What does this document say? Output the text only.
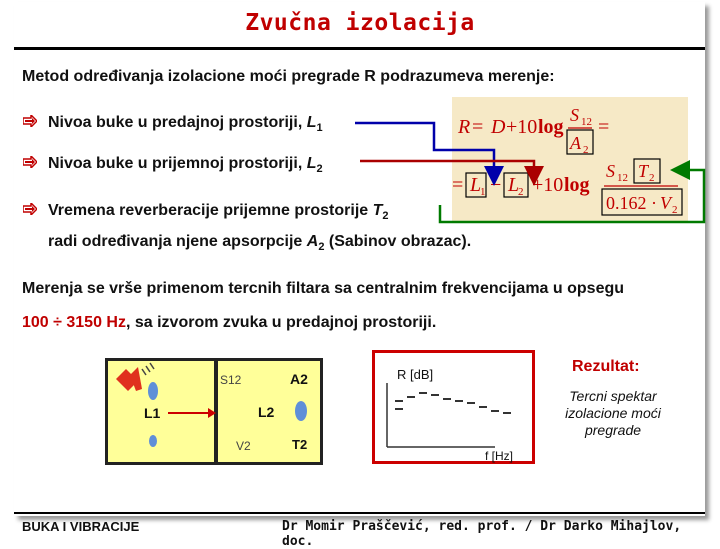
Zvučna izolacija
Metod određivanja izolacione moći pregrade R podrazumeva merenje:
Nivoa buke u predajnoj prostoriji, $L_1$
Nivoa buke u prijemnoj prostoriji, $L_2$
Vremena reverberacije prijemne prostorije $T_2$
radi određivanja njene apsorpcije $A_2$ (Sabinov obrazac).
R = D +10 log
S 12
A 2
=
= L
1 − L
2 +10 log
S 12 T 2
0.162 · V 2
Merenja se vrše primenom tercnih filtara sa centralnim frekvencijama u opsegu
100 ÷ 3150 Hz, sa izvorom zvuka u predajnoj prostoriji.
S12	A2
L1	L2
V2	T2
R [dB]
f [Hz]
Rezultat:
Tercni spektar
izolacione moći
pregrade
BUKA I VIBRACIJE	Dr Momir Praščević, red. prof. / Dr Darko Mihajlov, doc.
